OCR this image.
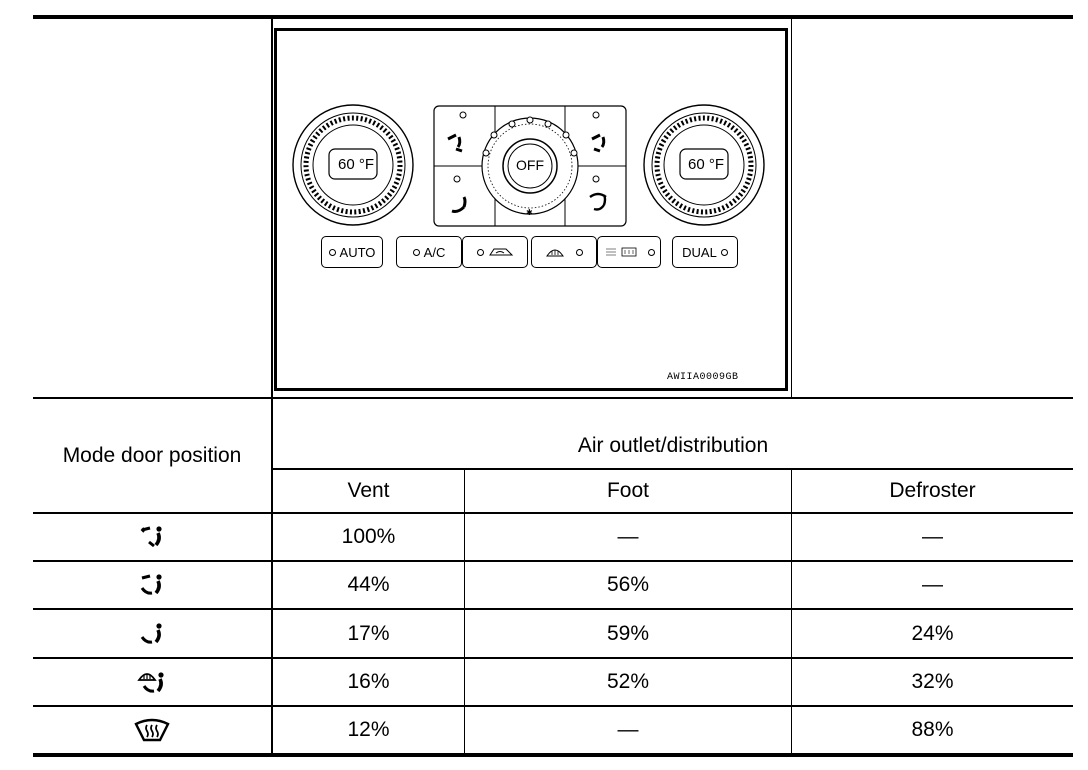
✱
60 °F	60 °F
OFF
AUTO	A/C	DUAL
AWIIA0009GB
Mode door position	Air outlet/distribution
Vent	Foot	Defroster
100%	—	—
44%	56%	—
17%	59%	24%
16%	52%	32%
12%	—	88%
